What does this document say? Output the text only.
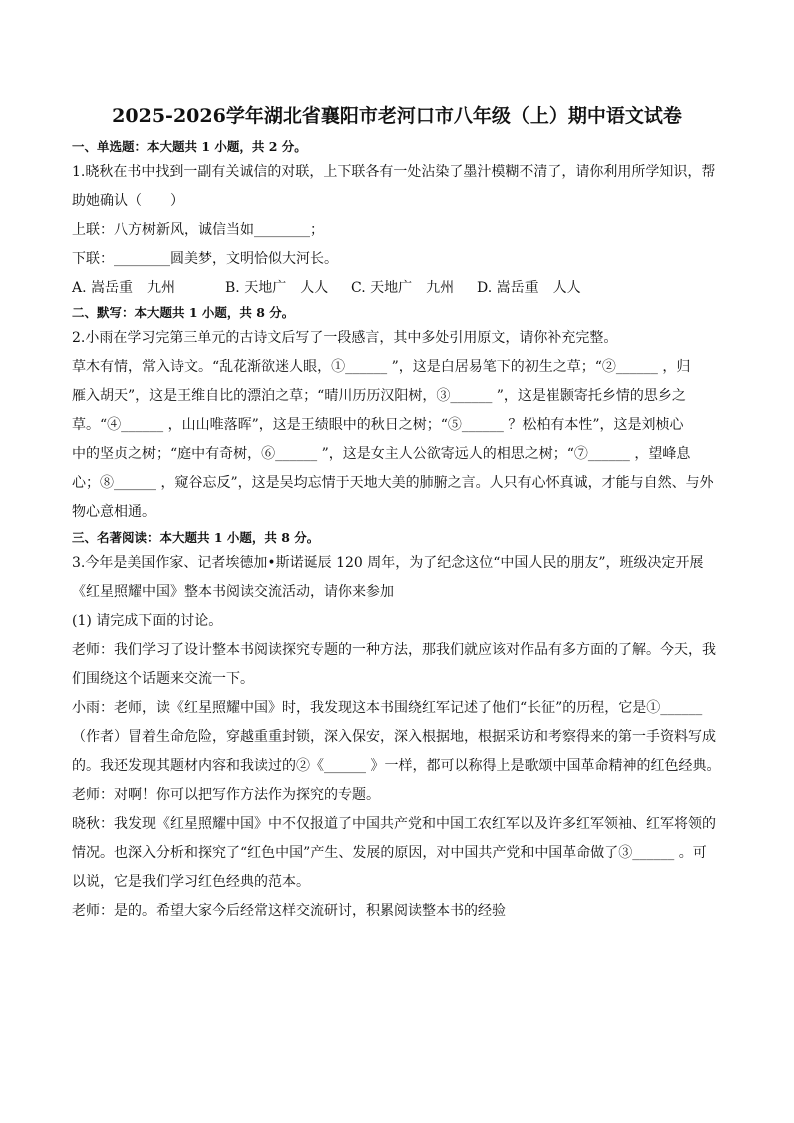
2025-2026学年湖北省襄阳市老河口市八年级（上）期中语文试卷

一、单选题：本大题共 1 小题，共 2 分。

1.晓秋在书中找到一副有关诚信的对联，上下联各有一处沾染了墨汁模糊不清了，请你利用所学知识，帮

助她确认（　　）

上联：八方树新风，诚信当如________；

下联：________圆美梦，文明恰似大河长。

A. 嵩岳重　九州	B. 天地广　人人	C. 天地广　九州	D. 嵩岳重　人人

二、默写：本大题共 1 小题，共 8 分。

2.小雨在学习完第三单元的古诗文后写了一段感言，其中多处引用原文，请你补充完整。

草木有情，常入诗文。“乱花渐欲迷人眼，①______ ”，这是白居易笔下的初生之草；“②______ ，归

雁入胡天”，这是王维自比的漂泊之草；“晴川历历汉阳树，③______ ”，这是崔颢寄托乡情的思乡之

草。“④______ ，山山唯落晖”，这是王绩眼中的秋日之树；“⑤______ ？松柏有本性”，这是刘桢心

中的坚贞之树；“庭中有奇树，⑥______ ”，这是女主人公欲寄远人的相思之树；“⑦______ ，望峰息

心；⑧______ ，窥谷忘反”，这是吴均忘情于天地大美的肺腑之言。人只有心怀真诚，才能与自然、与外

物心意相通。

三、名著阅读：本大题共 1 小题，共 8 分。

3.今年是美国作家、记者埃德加•斯诺诞辰 120 周年，为了纪念这位“中国人民的朋友”，班级决定开展

《红星照耀中国》整本书阅读交流活动，请你来参加

(1) 请完成下面的讨论。

老师：我们学习了设计整本书阅读探究专题的一种方法，那我们就应该对作品有多方面的了解。今天，我

们围绕这个话题来交流一下。

小雨：老师，读《红星照耀中国》时，我发现这本书围绕红军记述了他们“长征”的历程，它是①______

（作者）冒着生命危险，穿越重重封锁，深入保安，深入根据地，根据采访和考察得来的第一手资料写成

的。我还发现其题材内容和我读过的②《______ 》一样，都可以称得上是歌颂中国革命精神的红色经典。

老师：对啊！你可以把写作方法作为探究的专题。

晓秋：我发现《红星照耀中国》中不仅报道了中国共产党和中国工农红军以及许多红军领袖、红军将领的

情况。也深入分析和探究了“红色中国”产生、发展的原因，对中国共产党和中国革命做了③______ 。可

以说，它是我们学习红色经典的范本。

老师：是的。希望大家今后经常这样交流研讨，积累阅读整本书的经验
